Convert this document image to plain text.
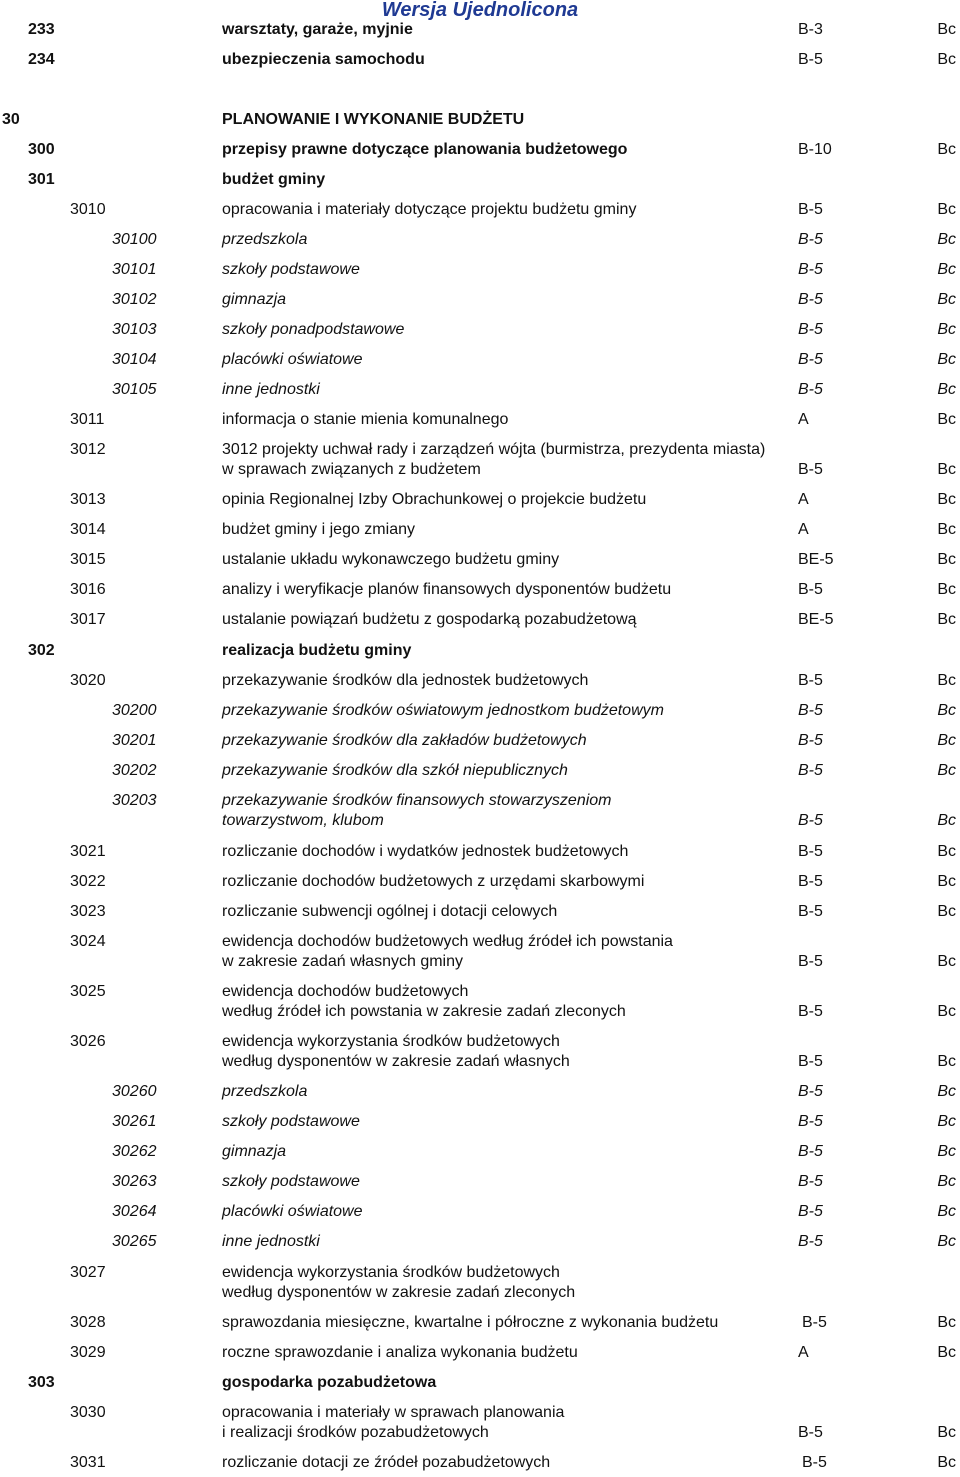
Wersja Ujednolicona
233	warsztaty, garaże, myjnie	B-3	Bc
234	ubezpieczenia samochodu	B-5	Bc
30	PLANOWANIE I WYKONANIE BUDŻETU
300	przepisy prawne dotyczące planowania budżetowego	B-10	Bc
301	budżet gminy
3010	opracowania i materiały dotyczące projektu budżetu gminy	B-5	Bc
30100	przedszkola	B-5	Bc
30101	szkoły podstawowe	B-5	Bc
30102	gimnazja	B-5	Bc
30103	szkoły ponadpodstawowe	B-5	Bc
30104	placówki oświatowe	B-5	Bc
30105	inne jednostki	B-5	Bc
3011	informacja o stanie mienia komunalnego	A	Bc
3012	3012 projekty uchwał rady i zarządzeń wójta (burmistrza, prezydenta miasta)
w sprawach związanych z budżetem	B-5	Bc
3013	opinia Regionalnej Izby Obrachunkowej o projekcie budżetu	A	Bc
3014	budżet gminy i jego zmiany	A	Bc
3015	ustalanie układu wykonawczego budżetu gminy	BE-5	Bc
3016	analizy i weryfikacje planów finansowych dysponentów budżetu	B-5	Bc
3017	ustalanie powiązań budżetu z gospodarką pozabudżetową	BE-5	Bc
302	realizacja budżetu gminy
3020	przekazywanie środków dla jednostek budżetowych	B-5	Bc
30200	przekazywanie środków oświatowym jednostkom budżetowym	B-5	Bc
30201	przekazywanie środków dla zakładów budżetowych	B-5	Bc
30202	przekazywanie środków dla szkół niepublicznych	B-5	Bc
30203	przekazywanie środków finansowych stowarzyszeniom
towarzystwom, klubom	B-5	Bc
3021	rozliczanie dochodów i wydatków jednostek budżetowych	B-5	Bc
3022	rozliczanie dochodów budżetowych z urzędami skarbowymi	B-5	Bc
3023	rozliczanie subwencji ogólnej i dotacji celowych	B-5	Bc
3024	ewidencja dochodów budżetowych według źródeł ich powstania
w zakresie zadań własnych gminy	B-5	Bc
3025	ewidencja dochodów budżetowych
według źródeł ich powstania w zakresie zadań zleconych	B-5	Bc
3026	ewidencja wykorzystania środków budżetowych
według dysponentów w zakresie zadań własnych	B-5	Bc
30260	przedszkola	B-5	Bc
30261	szkoły podstawowe	B-5	Bc
30262	gimnazja	B-5	Bc
30263	szkoły podstawowe	B-5	Bc
30264	placówki oświatowe	B-5	Bc
30265	inne jednostki	B-5	Bc
3027	ewidencja wykorzystania środków budżetowych
według dysponentów w zakresie zadań zleconych
3028	sprawozdania miesięczne, kwartalne i półroczne z wykonania budżetu	B-5	Bc
3029	roczne sprawozdanie i analiza wykonania budżetu	A	Bc
303	gospodarka pozabudżetowa
3030	opracowania i materiały w sprawach planowania
i realizacji środków pozabudżetowych	B-5	Bc
3031	rozliczanie dotacji ze źródeł pozabudżetowych	B-5	Bc
